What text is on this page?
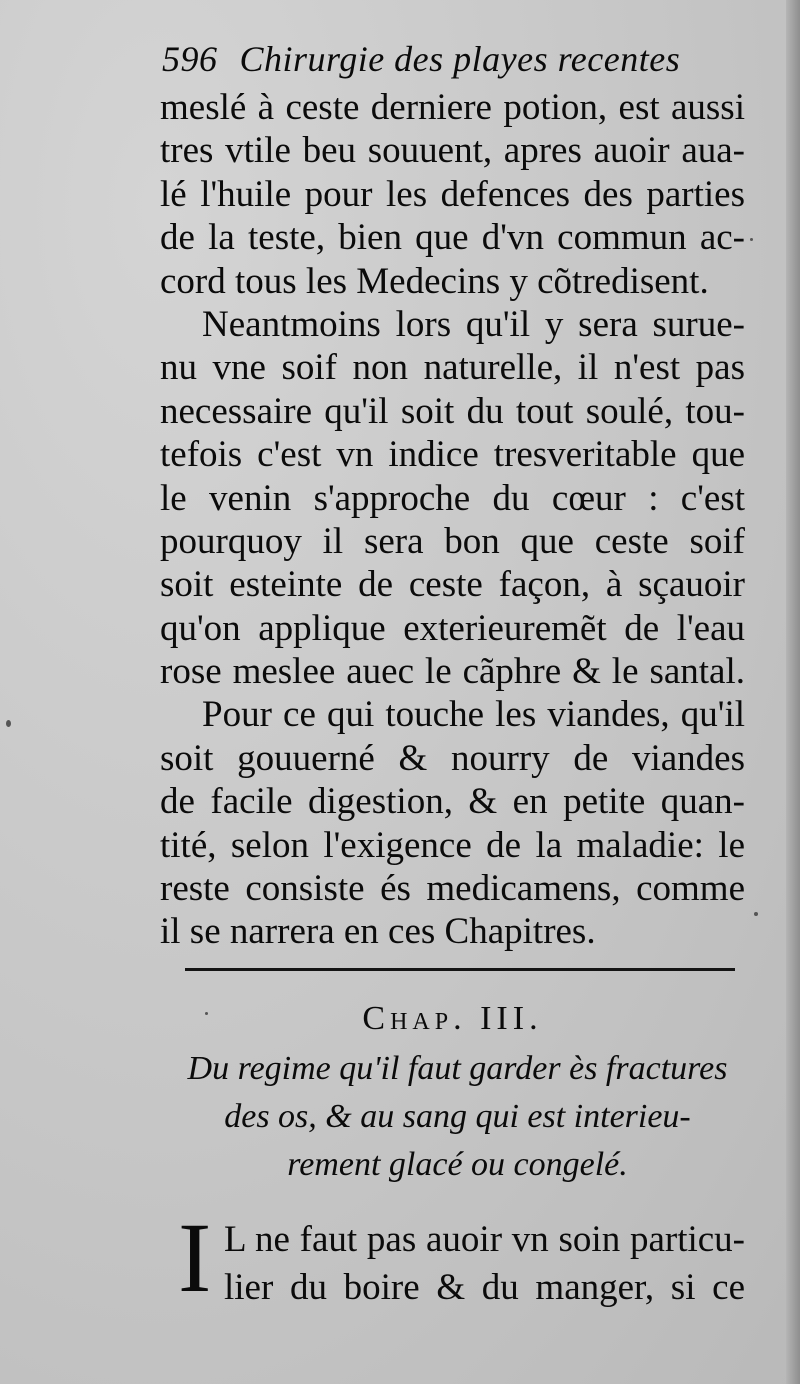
596 Chirurgie des playes recentes
meslé à ceste derniere potion, est aussi
tres vtile beu souuent, apres auoir aua-
lé l'huile pour les defences des parties
de la teste, bien que d'vn commun ac-
cord tous les Medecins y cõtredisent.
Neantmoins lors qu'il y sera surue-
nu vne soif non naturelle, il n'est pas
necessaire qu'il soit du tout soulé, tou-
tefois c'est vn indice tresveritable que
le venin s'approche du cœur : c'est
pourquoy il sera bon que ceste soif
soit esteinte de ceste façon, à sçauoir
qu'on applique exterieuremẽt de l'eau
rose meslee auec le cãphre & le santal.
Pour ce qui touche les viandes, qu'il
soit gouuerné & nourry de viandes
de facile digestion, & en petite quan-
tité, selon l'exigence de la maladie: le
reste consiste és medicamens, comme
il se narrera en ces Chapitres.
Chap. III.
Du regime qu'il faut garder ès fractures
des os, & au sang qui est interieu-
rement glacé ou congelé.
I L ne faut pas auoir vn soin particu-
lier du boire & du manger, si ce
